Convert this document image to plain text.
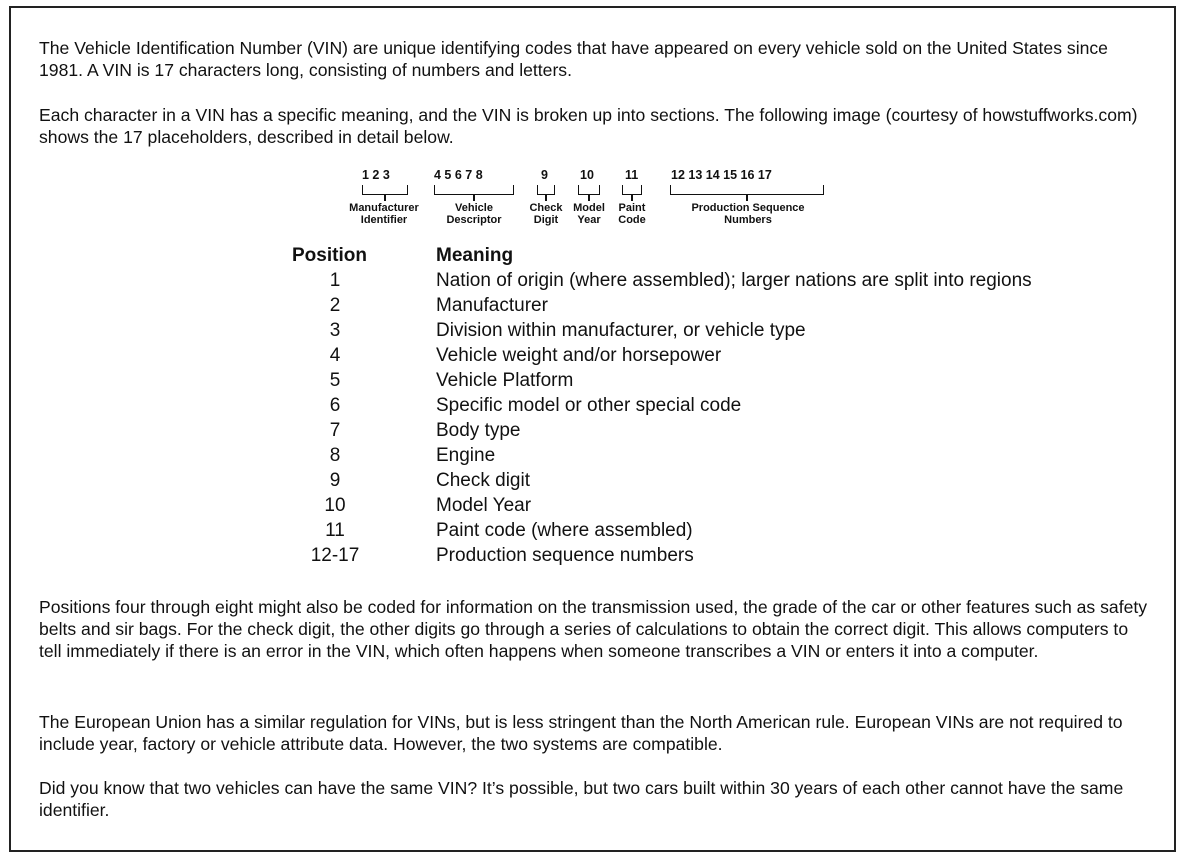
The Vehicle Identification Number (VIN) are unique identifying codes that have appeared on every vehicle sold on the United States since 1981. A VIN is 17 characters long, consisting of numbers and letters.

Each character in a VIN has a specific meaning, and the VIN is broken up into sections. The following image (courtesy of howstuffworks.com) shows the 17 placeholders, described in detail below.

1 2 3
Manufacturer
Identifier
4 5 6 7 8
Vehicle
Descriptor
9
Check
Digit
10
Model
Year
11
Paint
Code
12 13 14 15 16 17
Production Sequence
Numbers
Position	Meaning
1	Nation of origin (where assembled); larger nations are split into regions
2	Manufacturer
3	Division within manufacturer, or vehicle type
4	Vehicle weight and/or horsepower
5	Vehicle Platform
6	Specific model or other special code
7	Body type
8	Engine
9	Check digit
10	Model Year
11	Paint code (where assembled)
12-17	Production sequence numbers

Positions four through eight might also be coded for information on the transmission used, the grade of the car or other features such as safety belts and sir bags. For the check digit, the other digits go through a series of calculations to obtain the correct digit. This allows computers to tell immediately if there is an error in the VIN, which often happens when someone transcribes a VIN or enters it into a computer.

The European Union has a similar regulation for VINs, but is less stringent than the North American rule. European VINs are not required to include year, factory or vehicle attribute data. However, the two systems are compatible.

Did you know that two vehicles can have the same VIN? It’s possible, but two cars built within 30 years of each other cannot have the same identifier.
